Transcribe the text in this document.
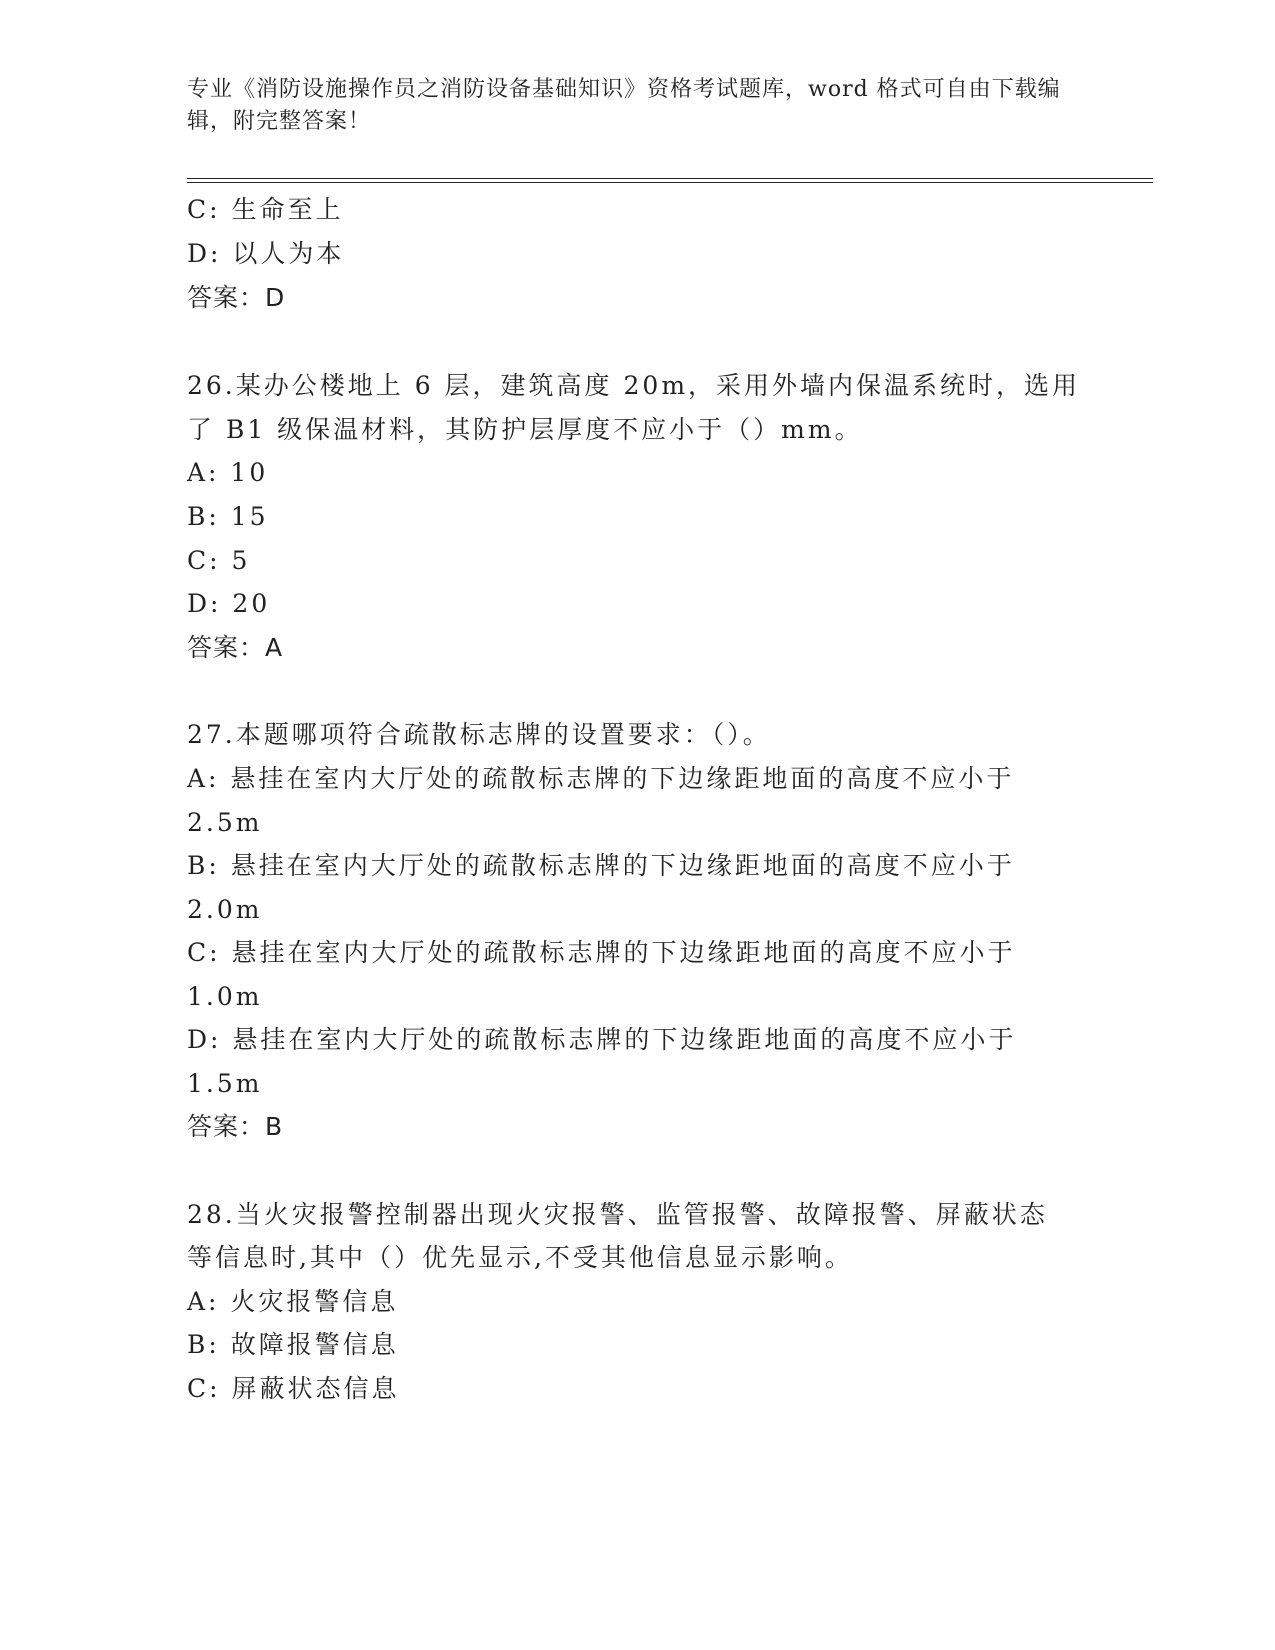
专业《消防设施操作员之消防设备基础知识》资格考试题库，word 格式可自由下载编辑，附完整答案！
C: 生命至上
D: 以人为本
答案：D
26.某办公楼地上 6 层，建筑高度 20m，采用外墙内保温系统时，选用
了 B1 级保温材料，其防护层厚度不应小于（）mm。
A: 10
B: 15
C: 5
D: 20
答案：A
27.本题哪项符合疏散标志牌的设置要求：（）。
A: 悬挂在室内大厅处的疏散标志牌的下边缘距地面的高度不应小于
2.5m
B: 悬挂在室内大厅处的疏散标志牌的下边缘距地面的高度不应小于
2.0m
C: 悬挂在室内大厅处的疏散标志牌的下边缘距地面的高度不应小于
1.0m
D: 悬挂在室内大厅处的疏散标志牌的下边缘距地面的高度不应小于
1.5m
答案：B
28.当火灾报警控制器出现火灾报警、监管报警、故障报警、屏蔽状态
等信息时,其中（）优先显示,不受其他信息显示影响。
A: 火灾报警信息
B: 故障报警信息
C: 屏蔽状态信息
